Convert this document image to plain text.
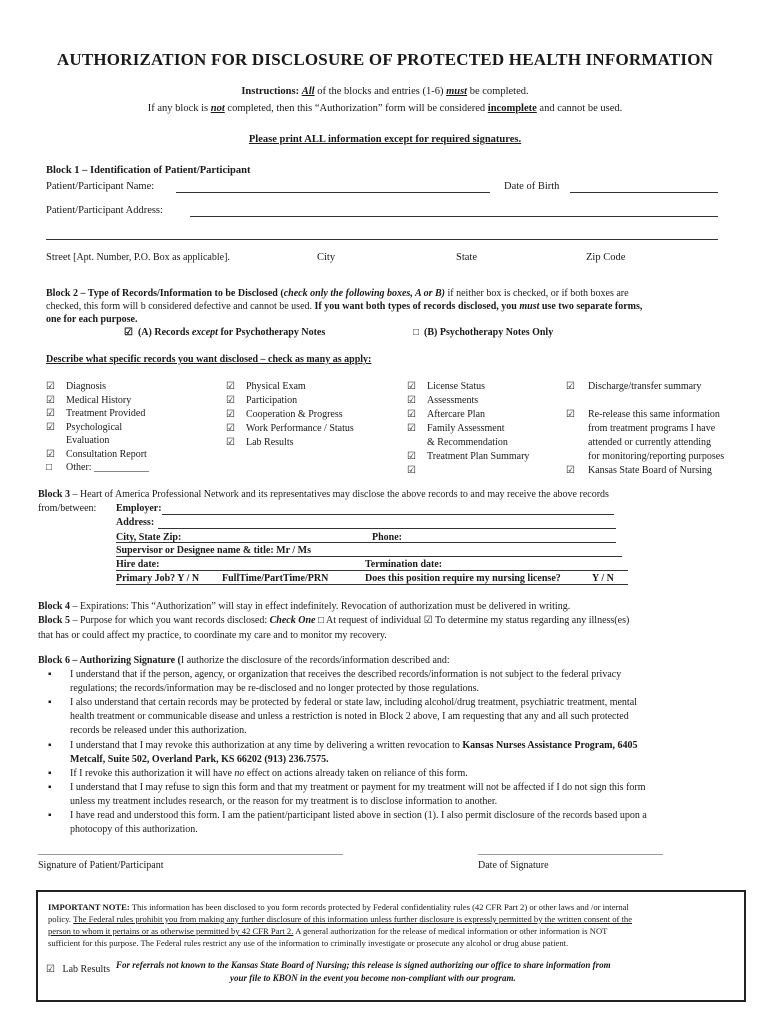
AUTHORIZATION FOR DISCLOSURE OF PROTECTED HEALTH INFORMATION
Instructions: All of the blocks and entries (1-6) must be completed.
If any block is not completed, then this “Authorization” form will be considered incomplete and cannot be used.
Please print ALL information except for required signatures.
Block 1 – Identification of Patient/Participant
Patient/Participant Name:	Date of Birth
Patient/Participant Address:
Street [Apt. Number, P.O. Box as applicable].	City	State	Zip Code
Block 2 – Type of Records/Information to be Disclosed (check only the following boxes, A or B) if neither box is checked, or if both boxes are
checked, this form will b considered defective and cannot be used. If you want both types of records disclosed, you must use two separate forms,
one for each purpose.
☑ (A) Records except for Psychotherapy Notes	□ (B) Psychotherapy Notes Only
Describe what specific records you want disclosed – check as many as apply:
☑ Diagnosis
☑ Medical History
☑ Treatment Provided
☑ Psychological
Evaluation
☑ Consultation Report
□ Other: ___________
☑ Physical Exam
☑ Participation
☑ Cooperation & Progress
☑ Work Performance / Status
☑ Lab Results
☑ License Status
☑ Assessments
☑ Aftercare Plan
☑ Family Assessment
& Recommendation
☑ Treatment Plan Summary
☑
☑ Discharge/transfer summary
☑ Re-release this same information
from treatment programs I have
attended or currently attending
for monitoring/reporting purposes
☑ Kansas State Board of Nursing
Block 3 – Heart of America Professional Network and its representatives may disclose the above records to and may receive the above records
from/between: Employer:
Address:
City, State Zip:	Phone:
Supervisor or Designee name & title: Mr / Ms
Hire date:	Termination date:
Primary Job? Y / N FullTime/PartTime/PRN	Does this position require my nursing license?	Y / N
Block 4 – Expirations: This “Authorization” will stay in effect indefinitely. Revocation of authorization must be delivered in writing.
Block 5 – Purpose for which you want records disclosed: Check One □ At request of individual ☑ To determine my status regarding any illness(es)
that has or could affect my practice, to coordinate my care and to monitor my recovery.
Block 6 – Authorizing Signature (I authorize the disclosure of the records/information described and:
▪ I understand that if the person, agency, or organization that receives the described records/information is not subject to the federal privacy
regulations; the records/information may be re-disclosed and no longer protected by those regulations.
▪ I also understand that certain records may be protected by federal or state law, including alcohol/drug treatment, psychiatric treatment, mental
health treatment or communicable disease and unless a restriction is noted in Block 2 above, I am requesting that any and all such protected
records be released under this authorization.
▪ I understand that I may revoke this authorization at any time by delivering a written revocation to Kansas Nurses Assistance Program, 6405
Metcalf, Suite 502, Overland Park, KS 66202 (913) 236.7575.
▪ If I revoke this authorization it will have no effect on actions already taken on reliance of this form.
▪ I understand that I may refuse to sign this form and that my treatment or payment for my treatment will not be affected if I do not sign this form
unless my treatment includes research, or the reason for my treatment is to disclose information to another.
▪ I have read and understood this form. I am the patient/participant listed above in section (1). I also permit disclosure of the records based upon a
photocopy of this authorization.
_____________________________________________________________
Signature of Patient/Participant
_____________________________________
Date of Signature
IMPORTANT NOTE: This information has been disclosed to you form records protected by Federal confidentiality rules (42 CFR Part 2) or other laws and /or internal
policy. The Federal rules prohibit you from making any further disclosure of this information unless further disclosure is expressly permitted by the written consent of the
person to whom it pertains or as otherwise permitted by 42 CFR Part 2. A general authorization for the release of medical information or other information is NOT
sufficient for this purpose. The Federal rules restrict any use of the information to criminally investigate or prosecute any alcohol or drug abuse patient.
☑ Lab Results For referrals not known to the Kansas State Board of Nursing; this release is signed authorizing our office to share information from
your file to KBON in the event you become non-compliant with our program.
